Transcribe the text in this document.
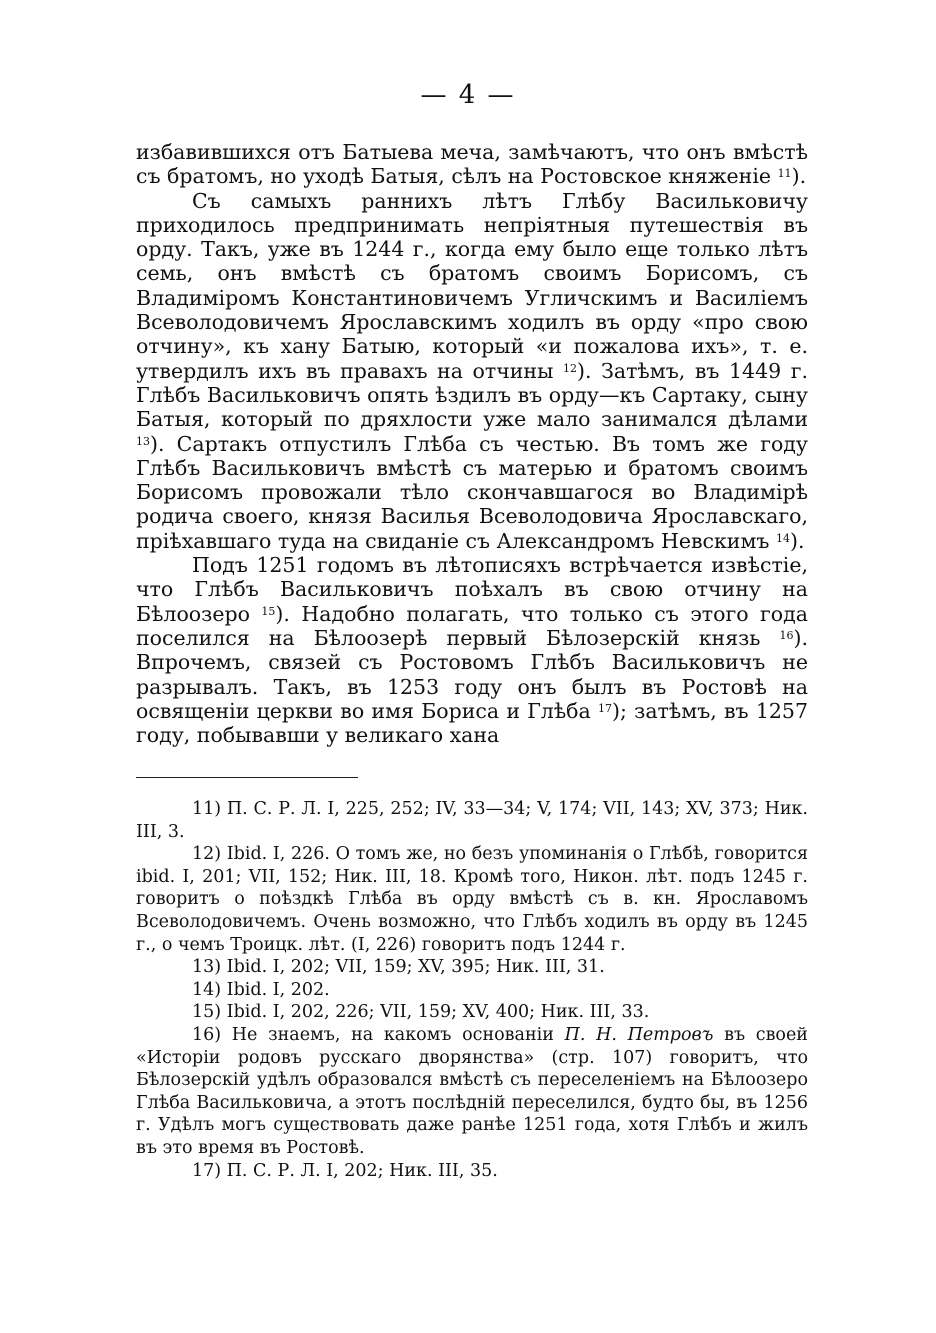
— 4 —

избавившихся отъ Батыева меча, замѣчаютъ, что онъ вмѣстѣ съ братомъ, но уходѣ Батыя, сѣлъ на Ростовское княженіе $^{11}$).

Съ самыхъ раннихъ лѣтъ Глѣбу Васильковичу приходилось предпринимать непріятныя путешествія въ орду. Такъ, уже въ 1244 г., когда ему было еще только лѣтъ семь, онъ вмѣстѣ съ братомъ своимъ Борисомъ, съ Владиміромъ Константиновичемъ Угличскимъ и Василіемъ Всеволодовичемъ Ярославскимъ ходилъ въ орду «про свою отчину», къ хану Батыю, который «и пожалова ихъ», т. е. утвердилъ ихъ въ правахъ на отчины $^{12}$). Затѣмъ, въ 1449 г. Глѣбъ Васильковичъ опять ѣздилъ въ орду—къ Сартаку, сыну Батыя, который по дряхлости уже мало занимался дѣлами $^{13}$). Сартакъ отпустилъ Глѣба съ честью. Въ томъ же году Глѣбъ Васильковичъ вмѣстѣ съ матерью и братомъ своимъ Борисомъ провожали тѣло скончавшагося во Владимірѣ родича своего, князя Василья Всеволодовича Ярославскаго, пріѣхавшаго туда на свиданіе съ Александромъ Невскимъ $^{14}$).

Подъ 1251 годомъ въ лѣтописяхъ встрѣчается извѣстіе, что Глѣбъ Васильковичъ поѣхалъ въ свою отчину на Бѣлоозеро $^{15}$). Надобно полагать, что только съ этого года поселился на Бѣлоозерѣ первый Бѣлозерскій князь $^{16}$). Впрочемъ, связей съ Ростовомъ Глѣбъ Васильковичъ не разрывалъ. Такъ, въ 1253 году онъ былъ въ Ростовѣ на освященіи церкви во имя Бориса и Глѣба $^{17}$); затѣмъ, въ 1257 году, побывавши у великаго хана

11) П. С. Р. Л. I, 225, 252; IV, 33—34; V, 174; VII, 143; XV, 373; Ник. III, 3.

12) Ibid. I, 226. О томъ же, но безъ упоминанія о Глѣбѣ, говорится ibid. I, 201; VII, 152; Ник. III, 18. Кромѣ того, Никон. лѣт. подъ 1245 г. говоритъ о поѣздкѣ Глѣба въ орду вмѣстѣ съ в. кн. Ярославомъ Всеволодовичемъ. Очень возможно, что Глѣбъ ходилъ въ орду въ 1245 г., о чемъ Троицк. лѣт. (I, 226) говоритъ подъ 1244 г.

13) Ibid. I, 202; VII, 159; XV, 395; Ник. III, 31.

14) Ibid. I, 202.

15) Ibid. I, 202, 226; VII, 159; XV, 400; Ник. III, 33.

16) Не знаемъ, на какомъ основаніи П. Н. Петровъ въ своей «Исторіи родовъ русскаго дворянства» (стр. 107) говоритъ, что Бѣлозерскій удѣлъ образовался вмѣстѣ съ переселеніемъ на Бѣлоозеро Глѣба Васильковича, а этотъ послѣдній переселился, будто бы, въ 1256 г. Удѣлъ могъ существовать даже ранѣе 1251 года, хотя Глѣбъ и жилъ въ это время въ Ростовѣ.

17) П. С. Р. Л. I, 202; Ник. III, 35.
